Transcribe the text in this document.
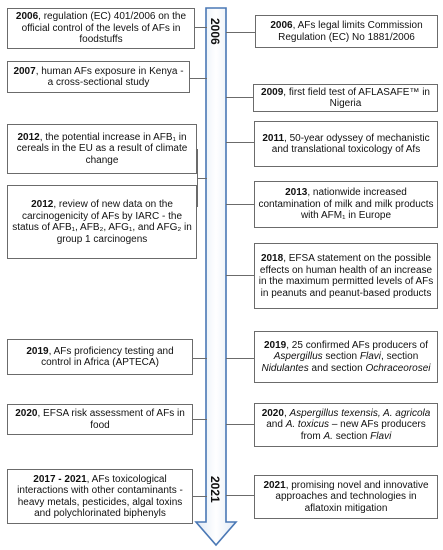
2006
2021
2006, regulation (EC) 401/2006 on the official control of the levels of AFs in foodstuffs
2007, human AFs exposure in Kenya - a cross-sectional study
2012, the potential increase in AFB₁ in cereals in the EU as a result of climate change
2012, review of new data on the carcinogenicity of AFs by IARC - the status of AFB₁, AFB₂, AFG₁, and AFG₂ in group 1 carcinogens
2019, AFs proficiency testing and control in Africa (APTECA)
2020, EFSA risk assessment of AFs in food
2017 - 2021, AFs toxicological interactions with other contaminants - heavy metals, pesticides, algal toxins and polychlorinated biphenyls
2006, AFs legal limits Commission Regulation (EC) No 1881/2006
2009, first field test of AFLASAFE™ in Nigeria
2011, 50-year odyssey of mechanistic and translational toxicology of Afs
2013, nationwide increased contamination of milk and milk products with AFM₁ in Europe
2018, EFSA statement on the possible effects on human health of an increase in the maximum permitted levels of AFs in peanuts and peanut-based products
2019, 25 confirmed AFs producers of Aspergillus section Flavi, section Nidulantes and section Ochraceorosei
2020, Aspergillus texensis, A. agricola and A. toxicus – new AFs producers from A. section Flavi
2021, promising novel and innovative approaches and technologies in aflatoxin mitigation
